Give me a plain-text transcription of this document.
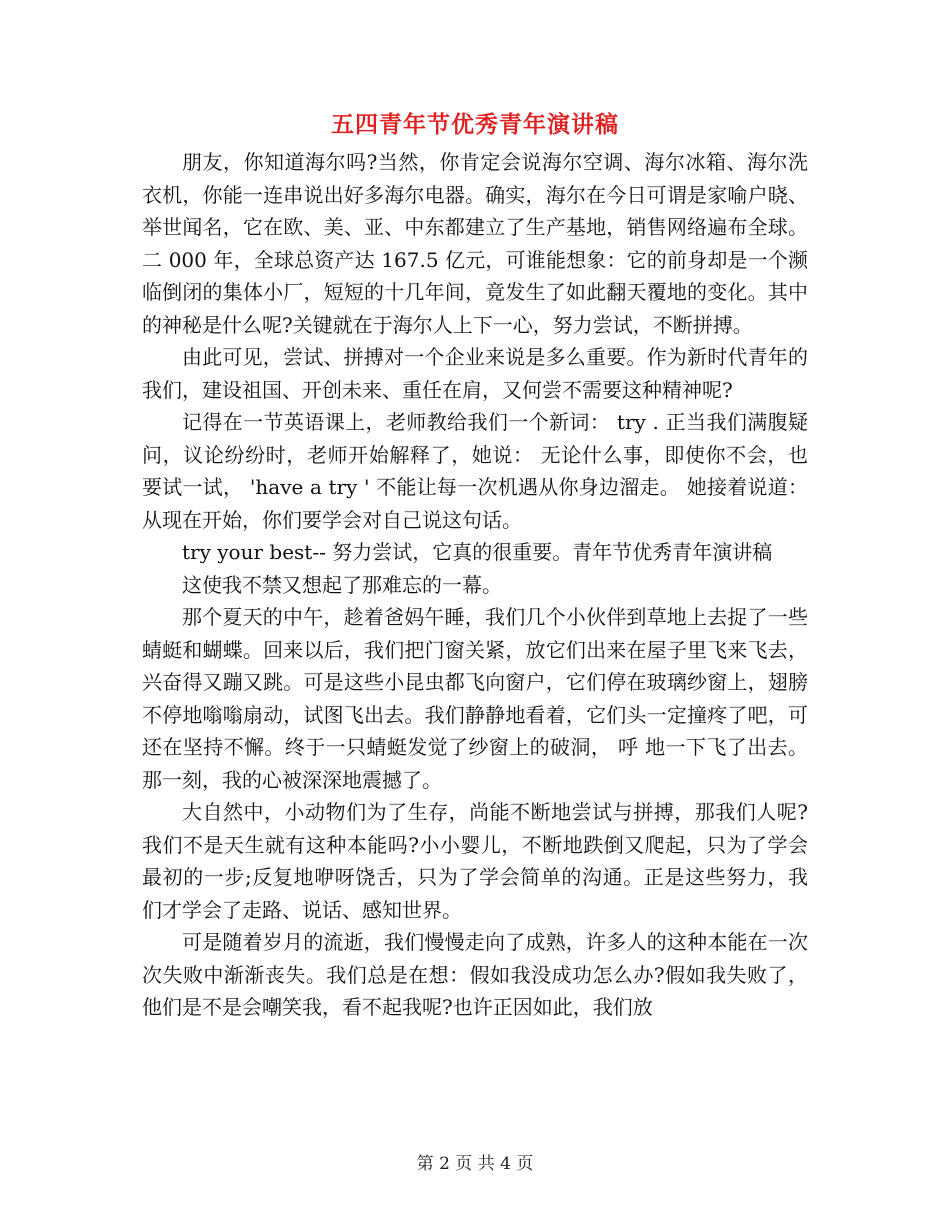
五四青年节优秀青年演讲稿

朋友，你知道海尔吗?当然，你肯定会说海尔空调、海尔冰箱、海尔洗衣机，你能一连串说出好多海尔电器。确实，海尔在今日可谓是家喻户晓、举世闻名，它在欧、美、亚、中东都建立了生产基地，销售网络遍布全球。二 000 年，全球总资产达 167.5 亿元，可谁能想象：它的前身却是一个濒临倒闭的集体小厂，短短的十几年间，竟发生了如此翻天覆地的变化。其中的神秘是什么呢?关键就在于海尔人上下一心，努力尝试，不断拼搏。

由此可见，尝试、拼搏对一个企业来说是多么重要。作为新时代青年的我们，建设祖国、开创未来、重任在肩，又何尝不需要这种精神呢?

记得在一节英语课上，老师教给我们一个新词： try . 正当我们满腹疑问，议论纷纷时，老师开始解释了，她说： 无论什么事，即使你不会，也要试一试， 'have a try ' 不能让每一次机遇从你身边溜走。 她接着说道： 从现在开始，你们要学会对自己说这句话。

try your best-- 努力尝试，它真的很重要。青年节优秀青年演讲稿

这使我不禁又想起了那难忘的一幕。

那个夏天的中午，趁着爸妈午睡，我们几个小伙伴到草地上去捉了一些蜻蜓和蝴蝶。回来以后，我们把门窗关紧，放它们出来在屋子里飞来飞去，兴奋得又蹦又跳。可是这些小昆虫都飞向窗户，它们停在玻璃纱窗上，翅膀不停地嗡嗡扇动，试图飞出去。我们静静地看着，它们头一定撞疼了吧，可还在坚持不懈。终于一只蜻蜓发觉了纱窗上的破洞， 呼 地一下飞了出去。那一刻，我的心被深深地震撼了。

大自然中，小动物们为了生存，尚能不断地尝试与拼搏，那我们人呢?我们不是天生就有这种本能吗?小小婴儿，不断地跌倒又爬起，只为了学会最初的一步;反复地咿呀饶舌，只为了学会简单的沟通。正是这些努力，我们才学会了走路、说话、感知世界。

可是随着岁月的流逝，我们慢慢走向了成熟，许多人的这种本能在一次次失败中渐渐丧失。我们总是在想：假如我没成功怎么办?假如我失败了，他们是不是会嘲笑我，看不起我呢?也许正因如此，我们放

第 2 页 共 4 页
